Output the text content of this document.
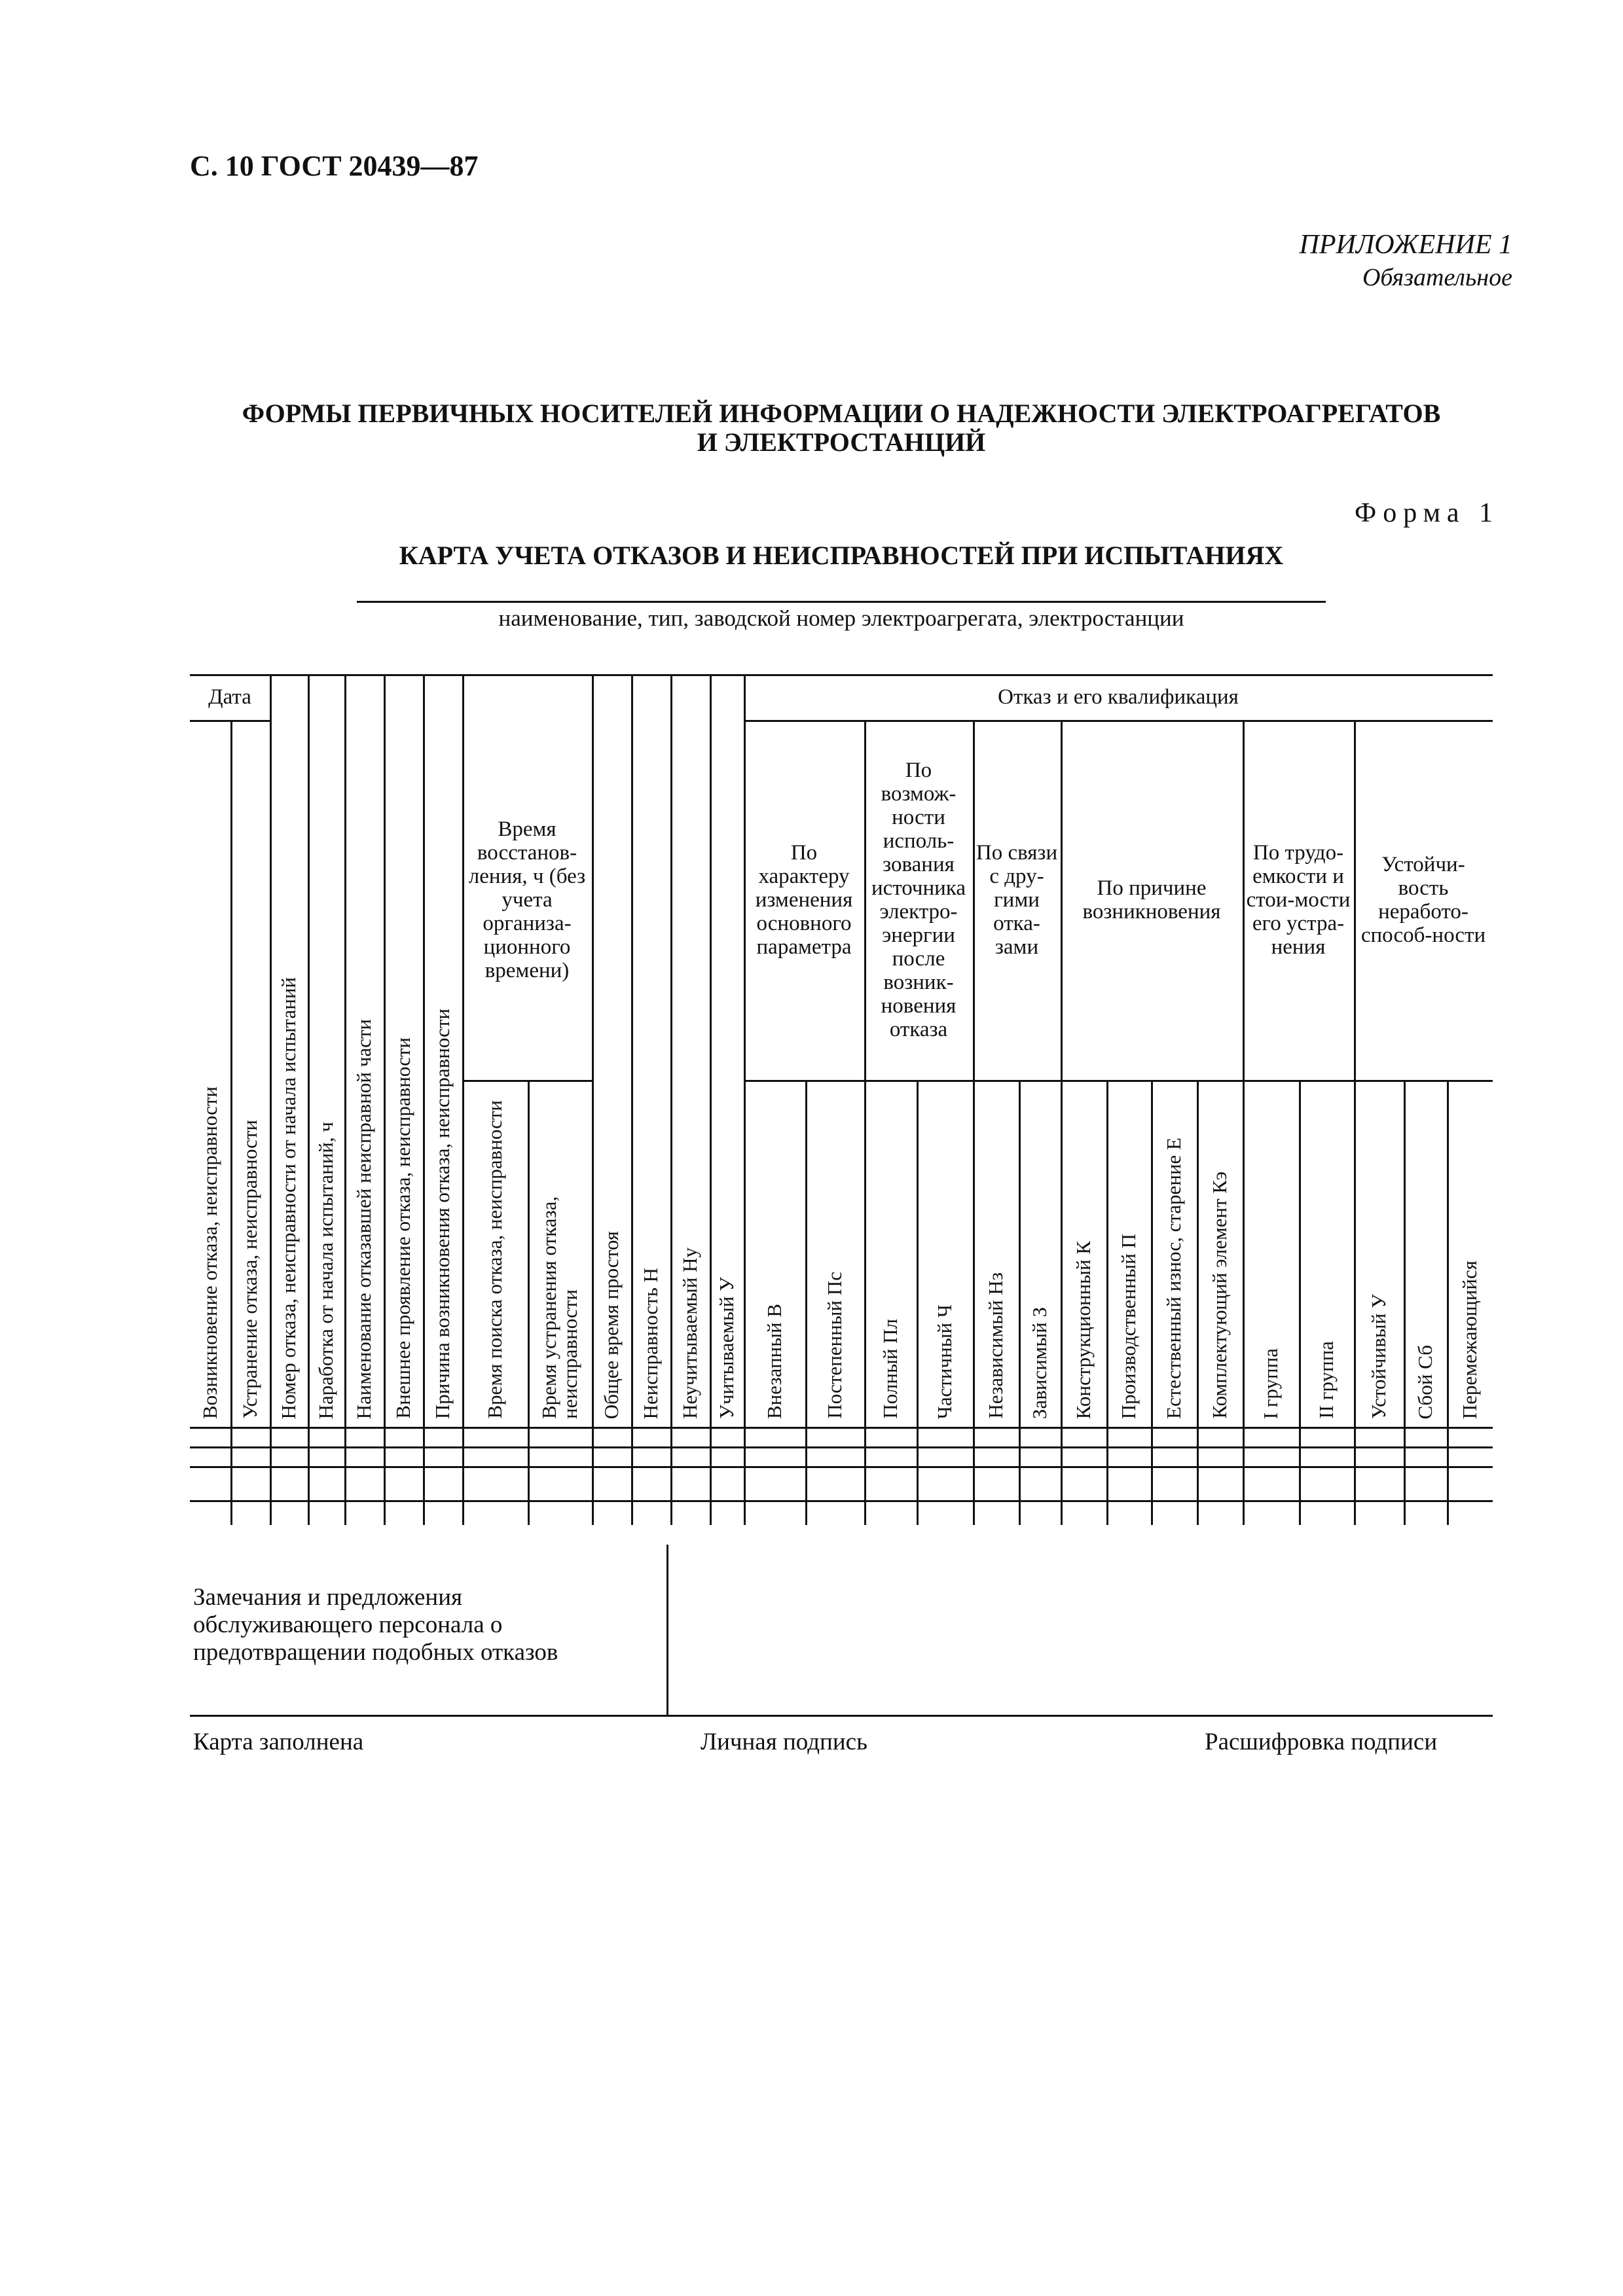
С. 10 ГОСТ 20439—87
ПРИЛОЖЕНИЕ 1
Обязательное
ФОРМЫ ПЕРВИЧНЫХ НОСИТЕЛЕЙ ИНФОРМАЦИИ О НАДЕЖНОСТИ ЭЛЕКТРОАГРЕГАТОВ
И ЭЛЕКТРОСТАНЦИЙ
Форма 1
КАРТА УЧЕТА ОТКАЗОВ И НЕИСПРАВНОСТЕЙ ПРИ ИСПЫТАНИЯХ
наименование, тип, заводской номер электроагрегата, электростанции
Дата
Время восстанов-ления, ч (без учета организа-ционного времени)
Отказ и его квалификация
По характеру изменения основного параметра
По возмож-ности исполь-зования источника электро-энергии после возник-новения отказа
По связи с дру-гими отка-зами
По причине возникновения
По трудо-емкости и стои-мости его устра-нения
Устойчи-вость неработо-способ-ности
Возникновение отказа, неисправности Устранение отказа, неисправности Номер отказа, неисправности от начала испытаний Наработка от начала испытаний, ч Наименование отказавшей неисправной части Внешнее проявление отказа, неисправности Причина возникновения отказа, неисправности Время поиска отказа, неисправности Время устранения отказа, неисправности Общее время простоя Неисправность Н Неучитываемый Ну Учитываемый У Внезапный В Постепенный Пс Полный Пл Частичный Ч Независимый Нз Зависимый З Конструкционный К Производственный П Естественный износ, старение Е Комплектующий элемент Кэ I группа II группа Устойчивый У Сбой Сб Перемежающийся
Замечания и предложения обслуживающего персонала о предотвращении подобных отказов
Карта заполнена	Личная подпись	Расшифровка подписи
